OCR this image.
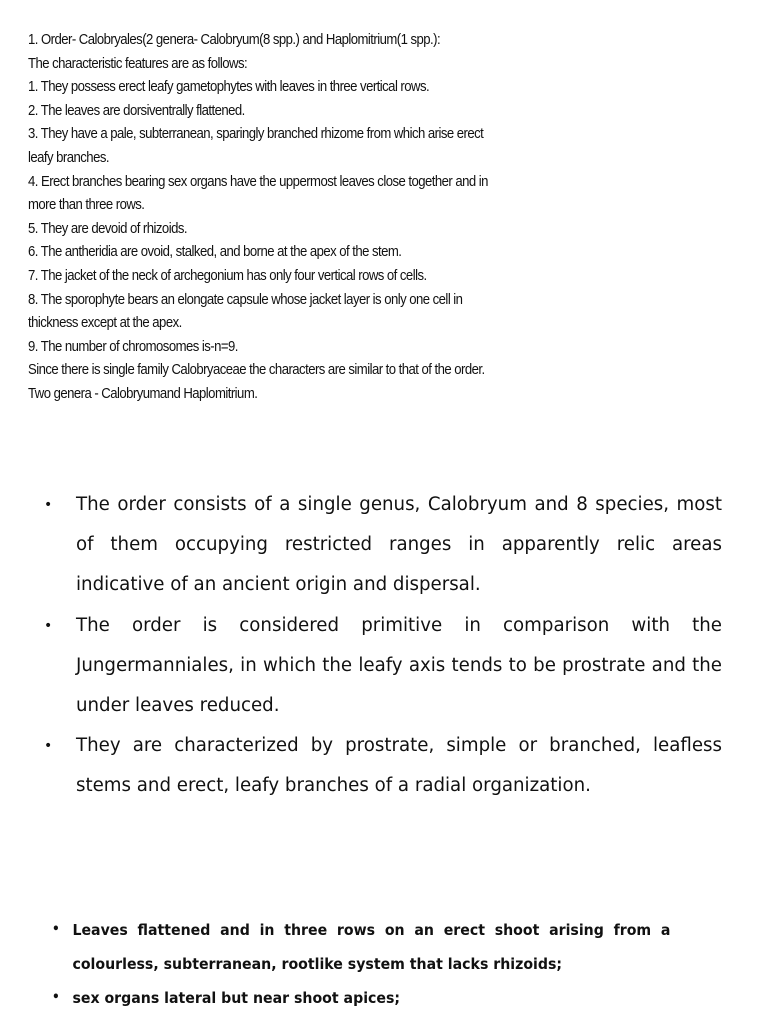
1. Order- Calobryales(2 genera- Calobryum(8 spp.) and Haplomitrium(1 spp.):
The characteristic features are as follows:
1. They possess erect leafy gametophytes with leaves in three vertical rows.
2. The leaves are dorsiventrally flattened.
3. They have a pale, subterranean, sparingly branched rhizome from which arise erect
leafy branches.
4. Erect branches bearing sex organs have the uppermost leaves close together and in
more than three rows.
5. They are devoid of rhizoids.
6. The antheridia are ovoid, stalked, and borne at the apex of the stem.
7. The jacket of the neck of archegonium has only four vertical rows of cells.
8. The sporophyte bears an elongate capsule whose jacket layer is only one cell in
thickness except at the apex.
9. The number of chromosomes is-n=9.
Since there is single family Calobryaceae the characters are similar to that of the order.
Two genera - Calobryumand Haplomitrium.
• The order consists of a single genus, Calobryum and 8 species, most of them occupying restricted ranges in apparently relic areas indicative of an ancient origin and dispersal.
• The order is considered primitive in comparison with the Jungermanniales, in which the leafy axis tends to be prostrate and the under leaves reduced.
• They are characterized by prostrate, simple or branched, leafless stems and erect, leafy branches of a radial organization.
• Leaves flattened and in three rows on an erect shoot arising from a colourless, subterranean, rootlike system that lacks rhizoids;
• sex organs lateral but near shoot apices;
